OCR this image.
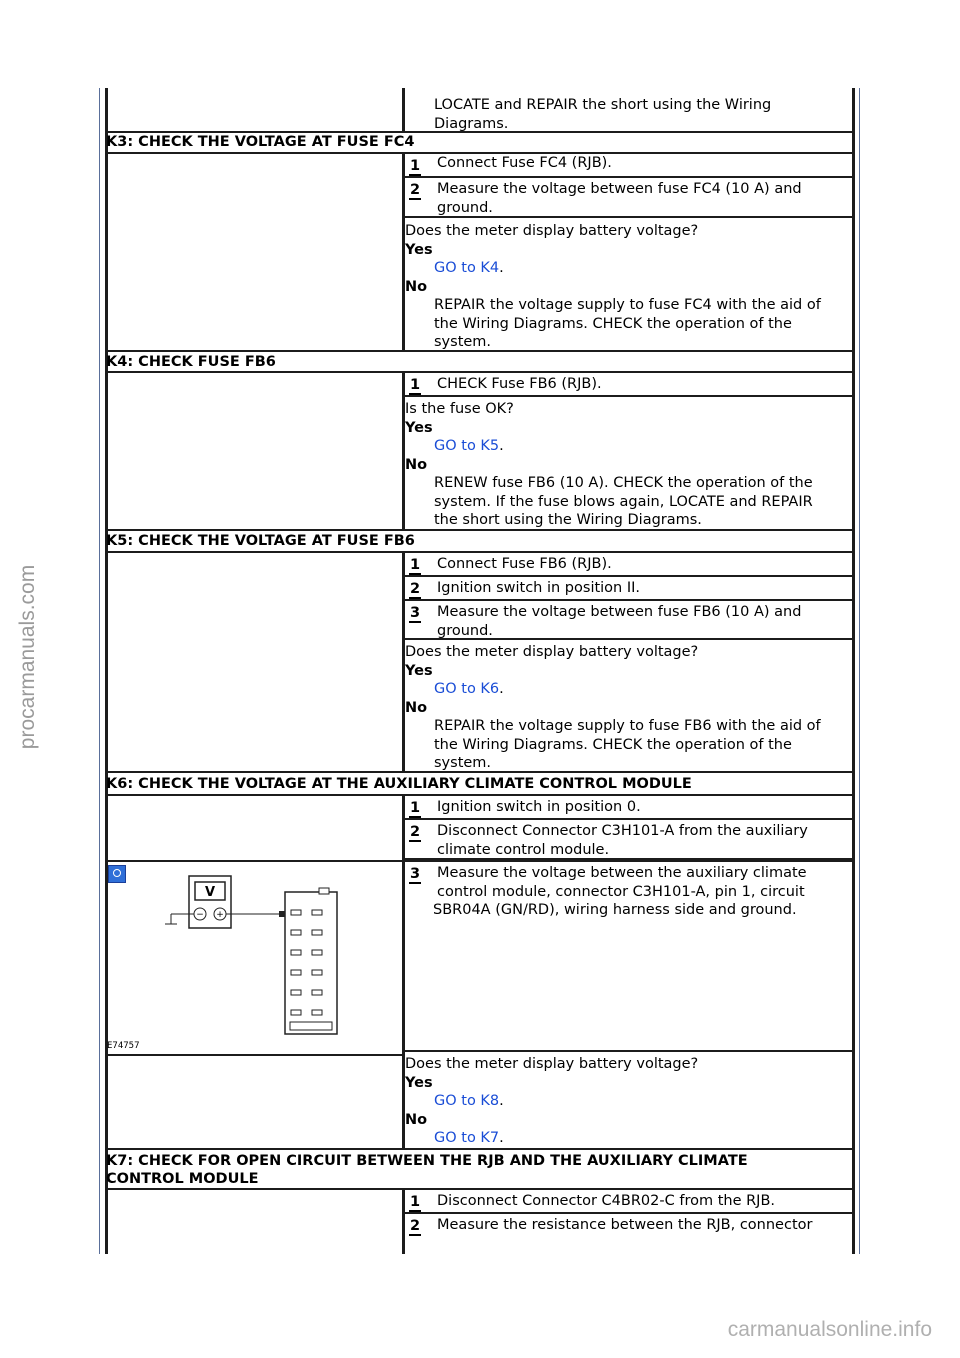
procarmanuals.com
carmanualsonline.info
LOCATE and REPAIR the short using the Wiring
Diagrams.
K3: CHECK THE VOLTAGE AT FUSE FC4
1 Connect Fuse FC4 (RJB).
2 Measure the voltage between fuse FC4 (10 A) and
ground.
Does the meter display battery voltage?
Yes
GO to K4.
No
REPAIR the voltage supply to fuse FC4 with the aid of
the Wiring Diagrams. CHECK the operation of the
system.
K4: CHECK FUSE FB6
1 CHECK Fuse FB6 (RJB).
Is the fuse OK?
Yes
GO to K5.
No
RENEW fuse FB6 (10 A). CHECK the operation of the
system. If the fuse blows again, LOCATE and REPAIR
the short using the Wiring Diagrams.
K5: CHECK THE VOLTAGE AT FUSE FB6
1 Connect Fuse FB6 (RJB).
2 Ignition switch in position II.
3 Measure the voltage between fuse FB6 (10 A) and
ground.
Does the meter display battery voltage?
Yes
GO to K6.
No
REPAIR the voltage supply to fuse FB6 with the aid of
the Wiring Diagrams. CHECK the operation of the
system.
K6: CHECK THE VOLTAGE AT THE AUXILIARY CLIMATE CONTROL MODULE
1 Ignition switch in position 0.
2 Disconnect Connector C3H101-A from the auxiliary
climate control module.
V
− +
E74757
3 Measure the voltage between the auxiliary climate
control module, connector C3H101-A, pin 1, circuit
SBR04A (GN/RD), wiring harness side and ground.
Does the meter display battery voltage?
Yes
GO to K8.
No
GO to K7.
K7: CHECK FOR OPEN CIRCUIT BETWEEN THE RJB AND THE AUXILIARY CLIMATE
CONTROL MODULE
1 Disconnect Connector C4BR02-C from the RJB.
2 Measure the resistance between the RJB, connector
